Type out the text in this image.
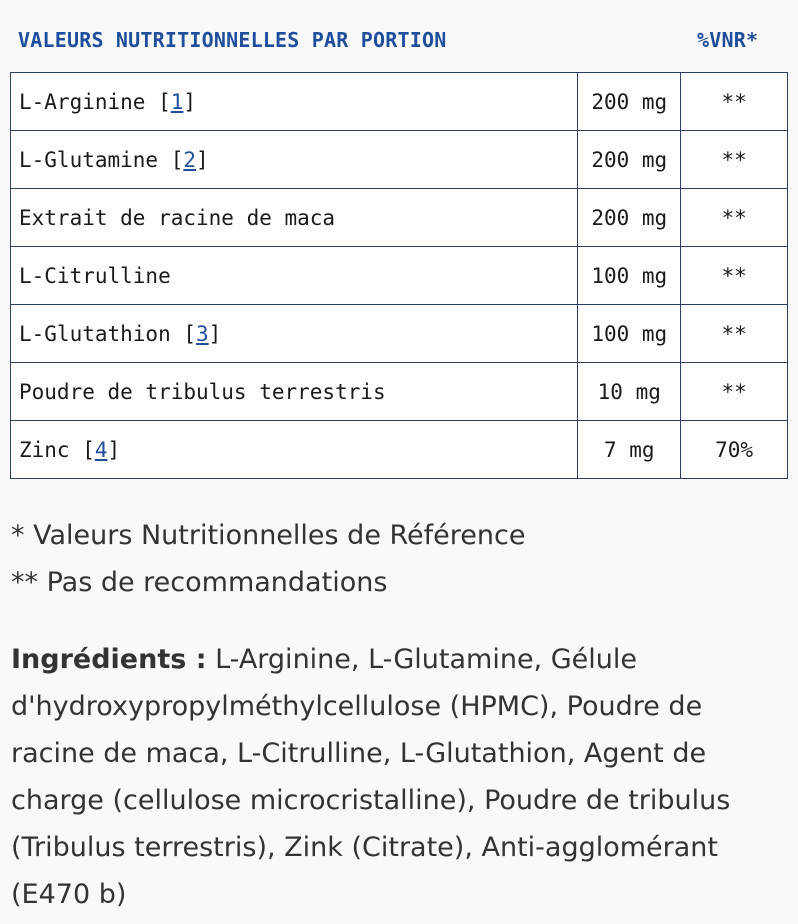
VALEURS NUTRITIONNELLES PAR PORTION	%VNR*
L-Arginine [1]	200 mg	**
L-Glutamine [2]	200 mg	**
Extrait de racine de maca	200 mg	**
L-Citrulline	100 mg	**
L-Glutathion [3]	100 mg	**
Poudre de tribulus terrestris	10 mg	**
Zinc [4]	7 mg	70%
* Valeurs Nutritionnelles de Référence
** Pas de recommandations
Ingrédients : L-Arginine, L-Glutamine, Gélule d'hydroxypropylméthylcellulose (HPMC), Poudre de racine de maca, L-Citrulline, L-Glutathion, Agent de charge (cellulose microcristalline), Poudre de tribulus (Tribulus terrestris), Zink (Citrate), Anti-agglomérant (E470 b)
